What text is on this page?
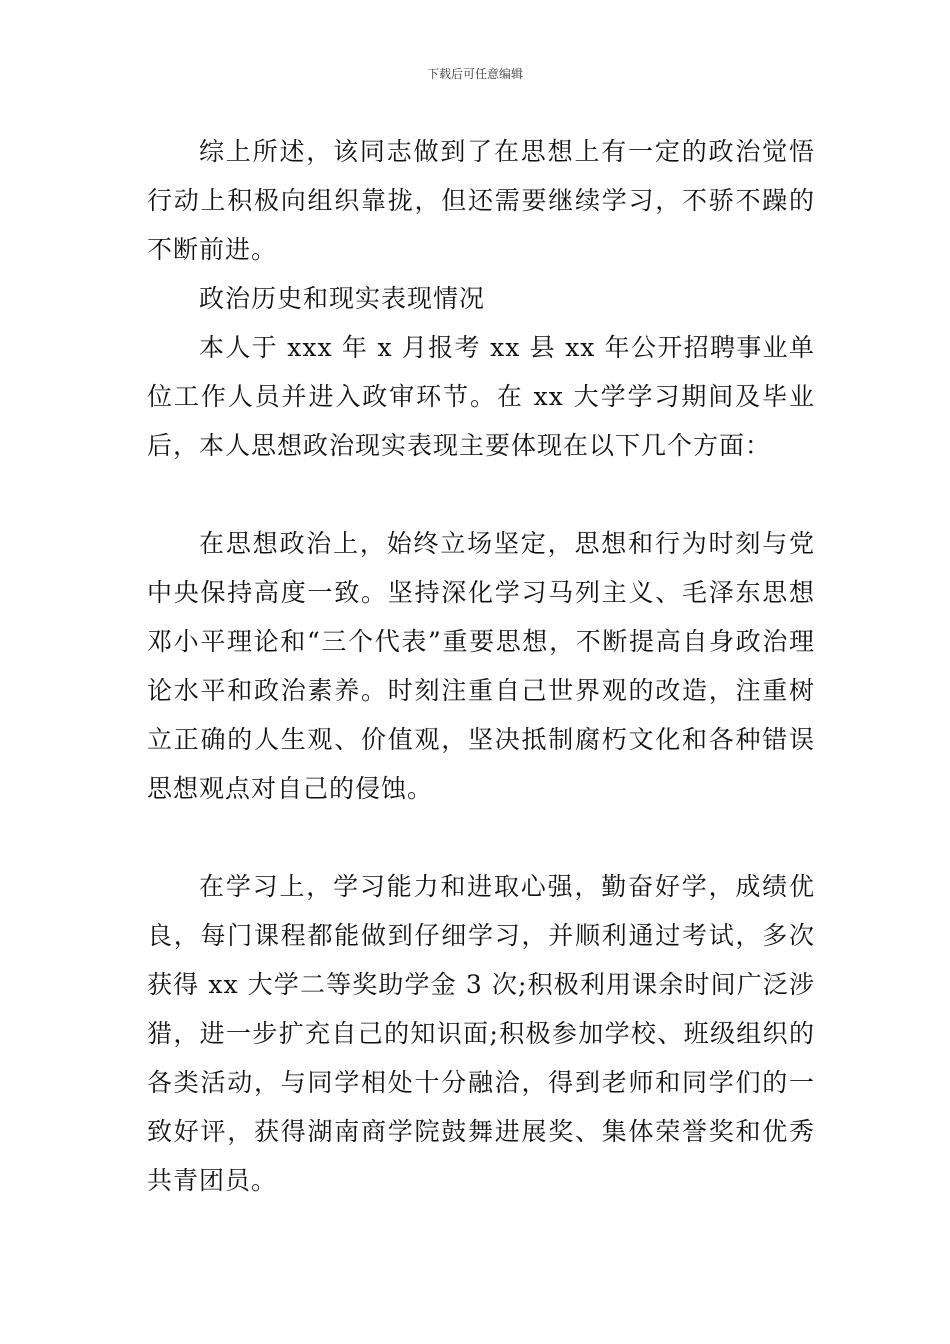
下载后可任意编辑

综上所述，该同志做到了在思想上有一定的政治觉悟行动上积极向组织靠拢，但还需要继续学习，不骄不躁的不断前进。

政治历史和现实表现情况

本人于 xxx 年 x 月报考 xx 县 xx 年公开招聘事业单位工作人员并进入政审环节。在 xx 大学学习期间及毕业后，本人思想政治现实表现主要体现在以下几个方面：

在思想政治上，始终立场坚定，思想和行为时刻与党中央保持高度一致。坚持深化学习马列主义、毛泽东思想邓小平理论和“三个代表”重要思想，不断提高自身政治理论水平和政治素养。时刻注重自己世界观的改造，注重树立正确的人生观、价值观，坚决抵制腐朽文化和各种错误思想观点对自己的侵蚀。

在学习上，学习能力和进取心强，勤奋好学，成绩优良，每门课程都能做到仔细学习，并顺利通过考试，多次获得 xx 大学二等奖助学金 3 次;积极利用课余时间广泛涉猎，进一步扩充自己的知识面;积极参加学校、班级组织的各类活动，与同学相处十分融洽，得到老师和同学们的一致好评，获得湖南商学院鼓舞进展奖、集体荣誉奖和优秀共青团员。
